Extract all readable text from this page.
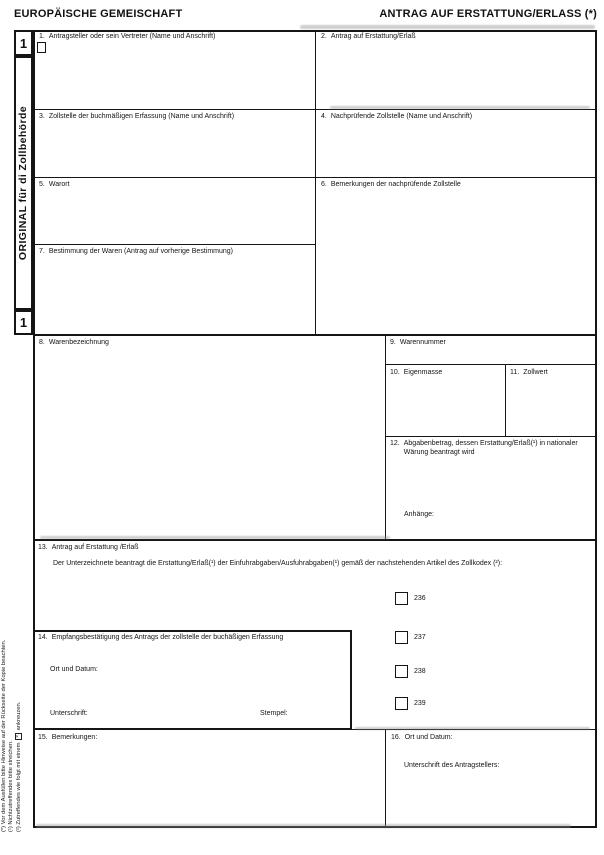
EUROPÄISCHE GEMEISCHAFT	ANTRAG AUF ERSTATTUNG/ERLASS (*)
1
ORIGINAL für di Zollbehörde
1
1. Antragsteller oder sein Vertreter (Name und Anschrift)	2. Antrag auf Erstattung/Erlaß
3. Zollstelle der buchmäßigen Erfassung (Name und Anschrift)	4. Nachprüfende Zollstelle (Name und Anschrift)
5. Warort	6. Bemerkungen der nachprüfende Zollstelle
7. Bestimmung der Waren (Antrag auf vorherige Bestimmung)
8. Warenbezeichnung	9. Warennummer
10. Eigenmasse	11. Zollwert
12. Abgabenbetrag, dessen Erstattung/Erlaß(¹) in nationaler Wärung beantragt wird
Anhänge:
13. Antrag auf Erstattung /Erlaß
Der Unterzeichnete beantragt die Erstattung/Erlaß(¹) der Einfuhrabgaben/Ausfuhrabgaben(¹) gemäß der nachstehenden Artikel des Zollkodex (²):
236
237
238
239
14. Empfangsbestätigung des Antrags der zollstelle der buchäßigen Erfassung
Ort und Datum:
Unterschrift:	Stempel:
15. Bemerkungen:	16. Ort und Datum:
Unterschrift des Antragstellers:
(*) Vor dem Ausfüllen bitte Hinweise auf der Rückseite der Kopie beachten. (¹) Nichtzutreffendes bitte streichen. (²) Zutreffendes wie folgt mit einem × ankreuzen.
